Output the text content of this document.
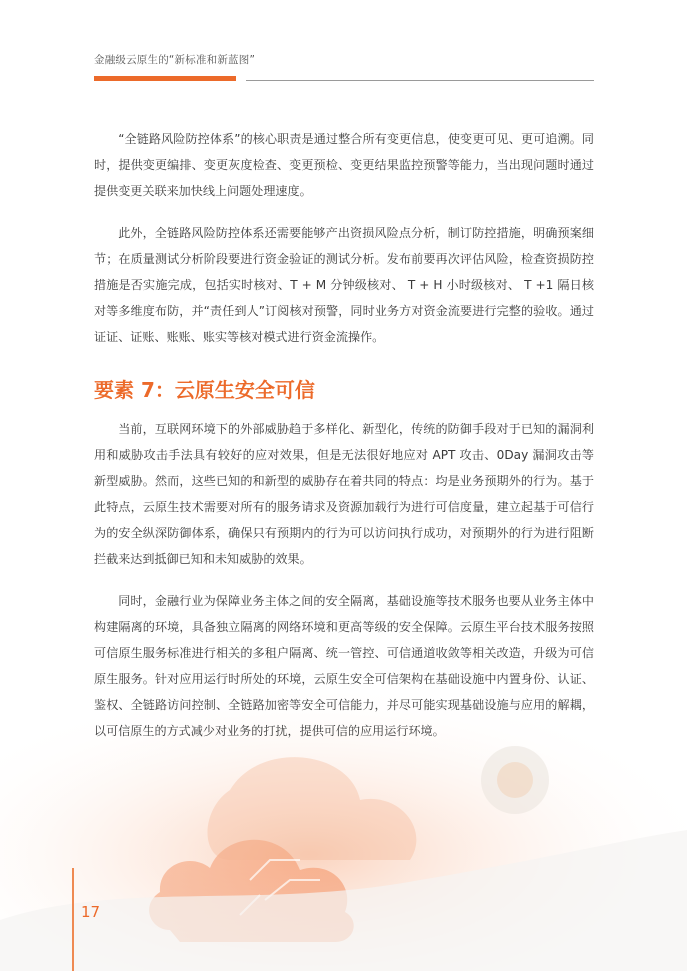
金融级云原生的“新标准和新蓝图”

“全链路风险防控体系”的核心职责是通过整合所有变更信息，使变更可见、更可追溯。同时，提供变更编排、变更灰度检查、变更预检、变更结果监控预警等能力，当出现问题时通过提供变更关联来加快线上问题处理速度。

此外，全链路风险防控体系还需要能够产出资损风险点分析，制订防控措施，明确预案细节；在质量测试分析阶段要进行资金验证的测试分析。发布前要再次评估风险，检查资损防控措施是否实施完成，包括实时核对、T + M 分钟级核对、 T + H 小时级核对、 T +1 隔日核对等多维度布防，并“责任到人”订阅核对预警，同时业务方对资金流要进行完整的验收。通过证证、证账、账账、账实等核对模式进行资金流操作。

要素 7：云原生安全可信

当前，互联网环境下的外部威胁趋于多样化、新型化，传统的防御手段对于已知的漏洞利用和威胁攻击手法具有较好的应对效果，但是无法很好地应对 APT 攻击、0Day 漏洞攻击等新型威胁。然而，这些已知的和新型的威胁存在着共同的特点：均是业务预期外的行为。基于此特点，云原生技术需要对所有的服务请求及资源加载行为进行可信度量，建立起基于可信行为的安全纵深防御体系，确保只有预期内的行为可以访问执行成功，对预期外的行为进行阻断拦截来达到抵御已知和未知威胁的效果。

同时，金融行业为保障业务主体之间的安全隔离，基础设施等技术服务也要从业务主体中构建隔离的环境，具备独立隔离的网络环境和更高等级的安全保障。云原生平台技术服务按照可信原生服务标准进行相关的多租户隔离、统一管控、可信通道收敛等相关改造，升级为可信原生服务。针对应用运行时所处的环境，云原生安全可信架构在基础设施中内置身份、认证、鉴权、全链路访问控制、全链路加密等安全可信能力，并尽可能实现基础设施与应用的解耦，以可信原生的方式减少对业务的打扰，提供可信的应用运行环境。

17
